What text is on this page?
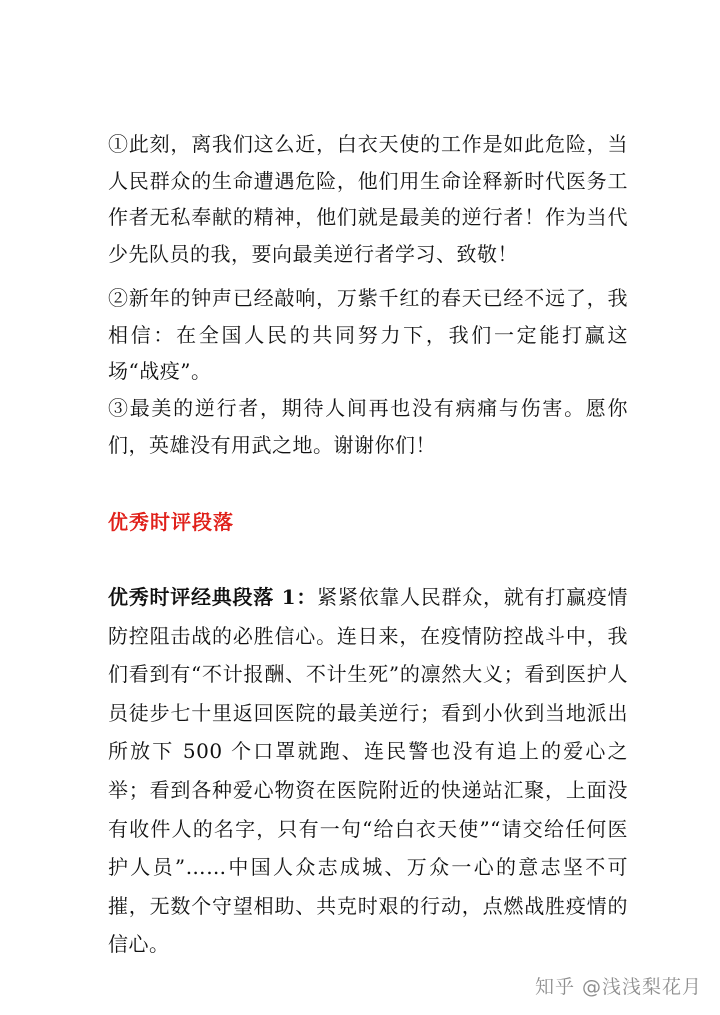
①此刻，离我们这么近，白衣天使的工作是如此危险，当人民群众的生命遭遇危险，他们用生命诠释新时代医务工作者无私奉献的精神，他们就是最美的逆行者！作为当代少先队员的我，要向最美逆行者学习、致敬！

②新年的钟声已经敲响，万紫千红的春天已经不远了，我相信：在全国人民的共同努力下，我们一定能打赢这场“战疫”。

③最美的逆行者，期待人间再也没有病痛与伤害。愿你们，英雄没有用武之地。谢谢你们！

优秀时评段落

优秀时评经典段落 1：紧紧依靠人民群众，就有打赢疫情防控阻击战的必胜信心。连日来，在疫情防控战斗中，我们看到有“不计报酬、不计生死”的凛然大义；看到医护人员徒步七十里返回医院的最美逆行；看到小伙到当地派出所放下 500 个口罩就跑、连民警也没有追上的爱心之举；看到各种爱心物资在医院附近的快递站汇聚，上面没有收件人的名字，只有一句“给白衣天使”“请交给任何医护人员”……中国人众志成城、万众一心的意志坚不可摧，无数个守望相助、共克时艰的行动，点燃战胜疫情的信心。

知乎 @浅浅梨花月
